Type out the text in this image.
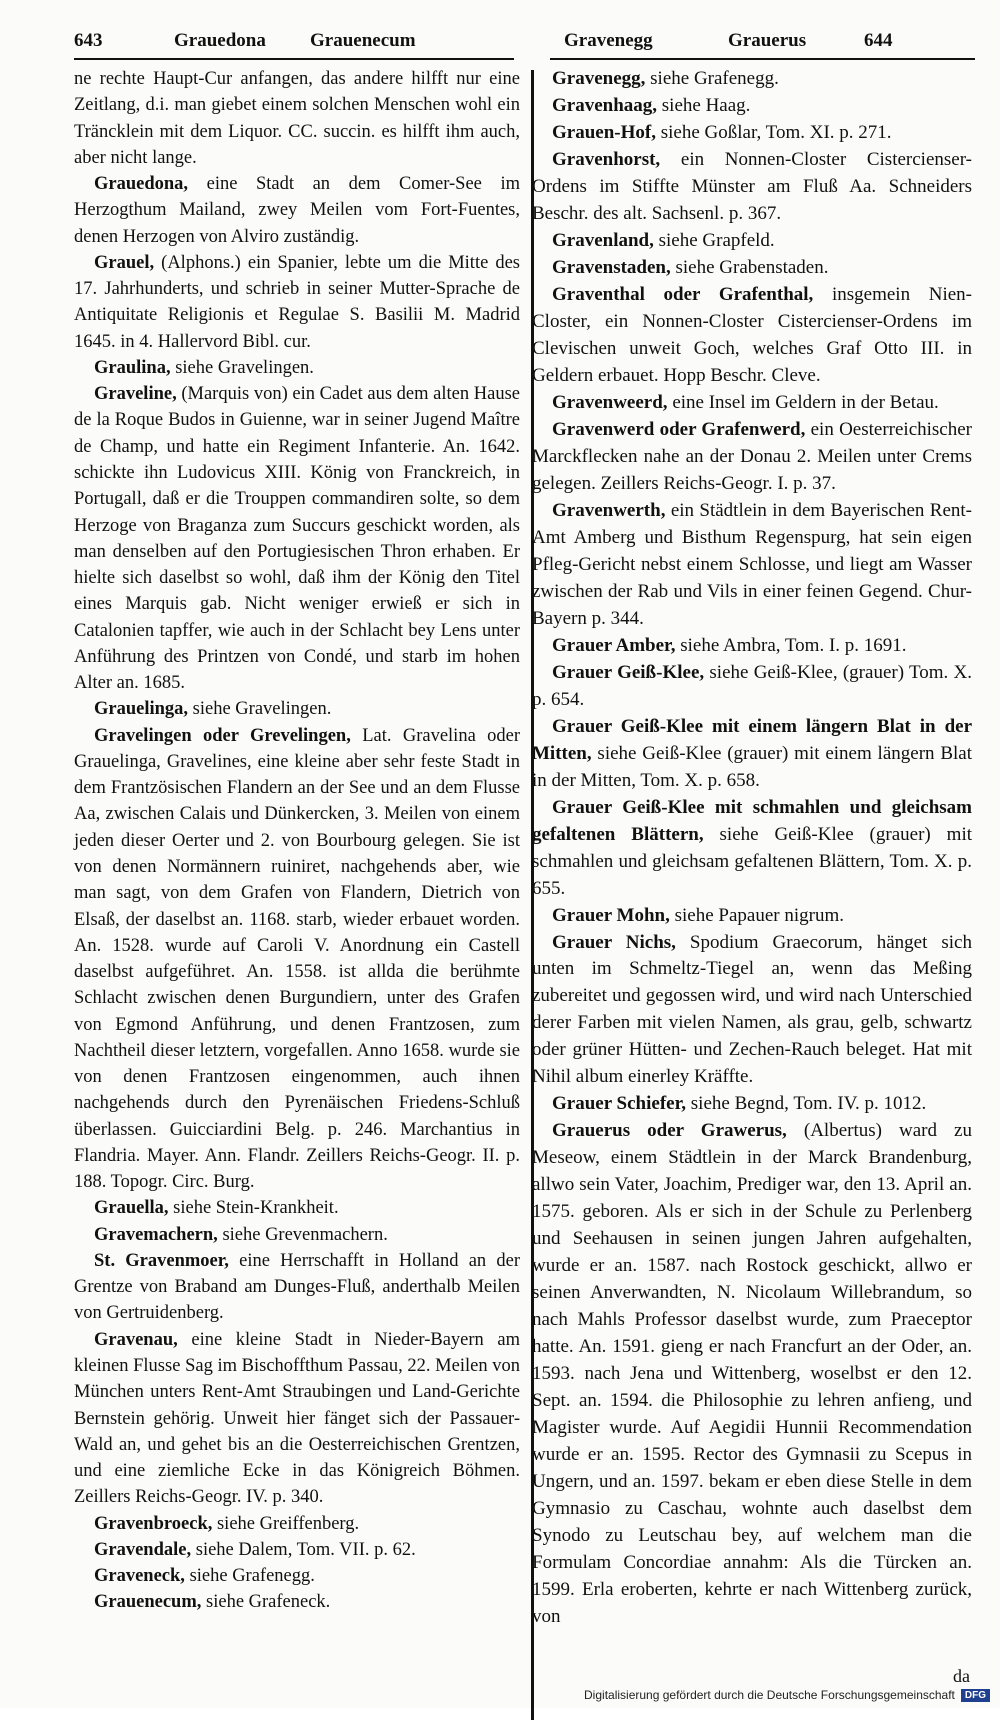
643	Grauedona Grauenecum	Gravenegg	Grauerus	644

ne rechte Haupt-Cur anfangen, das andere hilfft nur eine Zeitlang, d.i. man giebet einem solchen Menschen wohl ein Träncklein mit dem Liquor. CC. succin. es hilfft ihm auch, aber nicht lange.

Grauedona, eine Stadt an dem Comer-See im Herzogthum Mailand, zwey Meilen vom Fort-Fuentes, denen Herzogen von Alviro zuständig.

Grauel, (Alphons.) ein Spanier, lebte um die Mitte des 17. Jahrhunderts, und schrieb in seiner Mutter-Sprache de Antiquitate Religionis et Regulae S. Basilii M. Madrid 1645. in 4. Hallervord Bibl. cur.

Graulina, siehe Gravelingen.

Graveline, (Marquis von) ein Cadet aus dem alten Hause de la Roque Budos in Guienne, war in seiner Jugend Maître de Champ, und hatte ein Regiment Infanterie. An. 1642. schickte ihn Ludovicus XIII. König von Franckreich, in Portugall, daß er die Trouppen commandiren solte, so dem Herzoge von Braganza zum Succurs geschickt worden, als man denselben auf den Portugiesischen Thron erhaben. Er hielte sich daselbst so wohl, daß ihm der König den Titel eines Marquis gab. Nicht weniger erwieß er sich in Catalonien tapffer, wie auch in der Schlacht bey Lens unter Anführung des Printzen von Condé, und starb im hohen Alter an. 1685.

Grauelinga, siehe Gravelingen.

Gravelingen oder Grevelingen, Lat. Gravelina oder Grauelinga, Gravelines, eine kleine aber sehr feste Stadt in dem Frantzösischen Flandern an der See und an dem Flusse Aa, zwischen Calais und Dünkercken, 3. Meilen von einem jeden dieser Oerter und 2. von Bourbourg gelegen. Sie ist von denen Normännern ruiniret, nachgehends aber, wie man sagt, von dem Grafen von Flandern, Dietrich von Elsaß, der daselbst an. 1168. starb, wieder erbauet worden. An. 1528. wurde auf Caroli V. Anordnung ein Castell daselbst aufgeführet. An. 1558. ist allda die berühmte Schlacht zwischen denen Burgundiern, unter des Grafen von Egmond Anführung, und denen Frantzosen, zum Nachtheil dieser letztern, vorgefallen. Anno 1658. wurde sie von denen Frantzosen eingenommen, auch ihnen nachgehends durch den Pyrenäischen Friedens-Schluß überlassen. Guicciardini Belg. p. 246. Marchantius in Flandria. Mayer. Ann. Flandr. Zeillers Reichs-Geogr. II. p. 188. Topogr. Circ. Burg.

Grauella, siehe Stein-Krankheit.

Gravemachern, siehe Grevenmachern.

St. Gravenmoer, eine Herrschafft in Holland an der Grentze von Braband am Dunges-Fluß, anderthalb Meilen von Gertruidenberg.

Gravenau, eine kleine Stadt in Nieder-Bayern am kleinen Flusse Sag im Bischoffthum Passau, 22. Meilen von München unters Rent-Amt Straubingen und Land-Gerichte Bernstein gehörig. Unweit hier fänget sich der Passauer-Wald an, und gehet bis an die Oesterreichischen Grentzen, und eine ziemliche Ecke in das Königreich Böhmen. Zeillers Reichs-Geogr. IV. p. 340.

Gravenbroeck, siehe Greiffenberg.

Gravendale, siehe Dalem, Tom. VII. p. 62.

Graveneck, siehe Grafenegg.

Grauenecum, siehe Grafeneck.

Gravenegg, siehe Grafenegg.

Gravenhaag, siehe Haag.

Grauen-Hof, siehe Goßlar, Tom. XI. p. 271.

Gravenhorst, ein Nonnen-Closter Cistercienser-Ordens im Stiffte Münster am Fluß Aa. Schneiders Beschr. des alt. Sachsenl. p. 367.

Gravenland, siehe Grapfeld.

Gravenstaden, siehe Grabenstaden.

Graventhal oder Grafenthal, insgemein Nien-Closter, ein Nonnen-Closter Cistercienser-Ordens im Clevischen unweit Goch, welches Graf Otto III. in Geldern erbauet. Hopp Beschr. Cleve.

Gravenweerd, eine Insel im Geldern in der Betau.

Gravenwerd oder Grafenwerd, ein Oesterreichischer Marckflecken nahe an der Donau 2. Meilen unter Crems gelegen. Zeillers Reichs-Geogr. I. p. 37.

Gravenwerth, ein Städtlein in dem Bayerischen Rent-Amt Amberg und Bisthum Regenspurg, hat sein eigen Pfleg-Gericht nebst einem Schlosse, und liegt am Wasser zwischen der Rab und Vils in einer feinen Gegend. Chur-Bayern p. 344.

Grauer Amber, siehe Ambra, Tom. I. p. 1691.

Grauer Geiß-Klee, siehe Geiß-Klee, (grauer) Tom. X. p. 654.

Grauer Geiß-Klee mit einem längern Blat in der Mitten, siehe Geiß-Klee (grauer) mit einem längern Blat in der Mitten, Tom. X. p. 658.

Grauer Geiß-Klee mit schmahlen und gleichsam gefaltenen Blättern, siehe Geiß-Klee (grauer) mit schmahlen und gleichsam gefaltenen Blättern, Tom. X. p. 655.

Grauer Mohn, siehe Papauer nigrum.

Grauer Nichs, Spodium Graecorum, hänget sich unten im Schmeltz-Tiegel an, wenn das Meßing zubereitet und gegossen wird, und wird nach Unterschied derer Farben mit vielen Namen, als grau, gelb, schwartz oder grüner Hütten- und Zechen-Rauch beleget. Hat mit Nihil album einerley Kräffte.

Grauer Schiefer, siehe Begnd, Tom. IV. p. 1012.

Grauerus oder Grawerus, (Albertus) ward zu Meseow, einem Städtlein in der Marck Brandenburg, allwo sein Vater, Joachim, Prediger war, den 13. April an. 1575. geboren. Als er sich in der Schule zu Perlenberg und Seehausen in seinen jungen Jahren aufgehalten, wurde er an. 1587. nach Rostock geschickt, allwo er seinen Anverwandten, N. Nicolaum Willebrandum, so nach Mahls Professor daselbst wurde, zum Praeceptor hatte. An. 1591. gieng er nach Francfurt an der Oder, an. 1593. nach Jena und Wittenberg, woselbst er den 12. Sept. an. 1594. die Philosophie zu lehren anfieng, und Magister wurde. Auf Aegidii Hunnii Recommendation wurde er an. 1595. Rector des Gymnasii zu Scepus in Ungern, und an. 1597. bekam er eben diese Stelle in dem Gymnasio zu Caschau, wohnte auch daselbst dem Synodo zu Leutschau bey, auf welchem man die Formulam Concordiae annahm: Als die Türcken an. 1599. Erla eroberten, kehrte er nach Wittenberg zurück, von

da
Digitalisierung gefördert durch die Deutsche Forschungsgemeinschaft	DFG
